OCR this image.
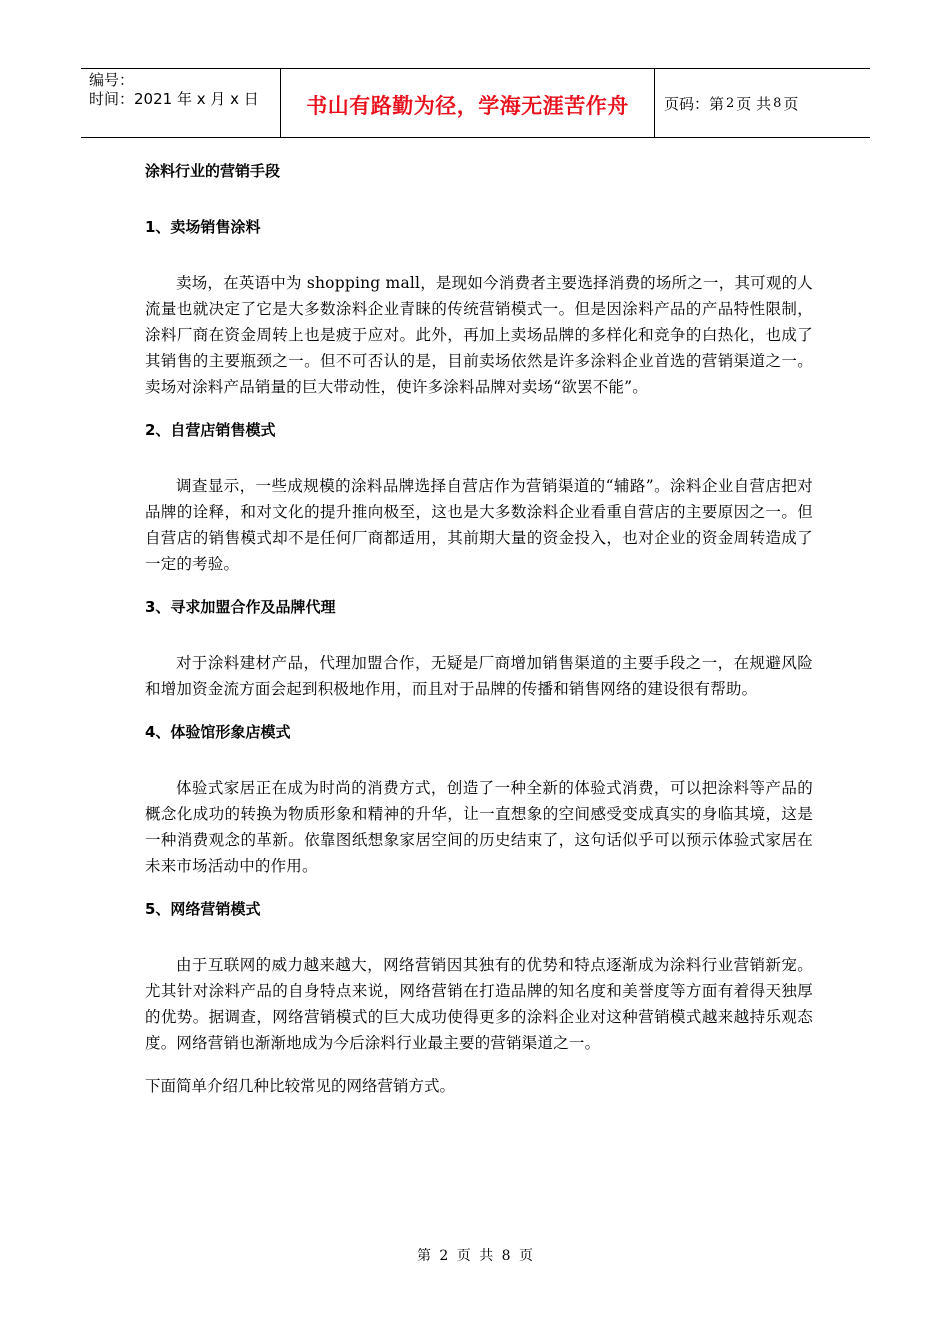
编号：
时间：2021 年 x 月 x 日	书山有路勤为径，学海无涯苦作舟 页码：第 2 页 共 8 页
涂料行业的营销手段
1、卖场销售涂料

卖场，在英语中为 shopping mall，是现如今消费者主要选择消费的场所之一，其可观的人流量也就决定了它是大多数涂料企业青睐的传统营销模式一。但是因涂料产品的产品特性限制，涂料厂商在资金周转上也是疲于应对。此外，再加上卖场品牌的多样化和竞争的白热化，也成了其销售的主要瓶颈之一。但不可否认的是，目前卖场依然是许多涂料企业首选的营销渠道之一。卖场对涂料产品销量的巨大带动性，使许多涂料品牌对卖场“欲罢不能”。

2、自营店销售模式

调查显示，一些成规模的涂料品牌选择自营店作为营销渠道的“辅路”。涂料企业自营店把对品牌的诠释，和对文化的提升推向极至，这也是大多数涂料企业看重自营店的主要原因之一。但自营店的销售模式却不是任何厂商都适用，其前期大量的资金投入，也对企业的资金周转造成了一定的考验。

3、寻求加盟合作及品牌代理

对于涂料建材产品，代理加盟合作，无疑是厂商增加销售渠道的主要手段之一，在规避风险和增加资金流方面会起到积极地作用，而且对于品牌的传播和销售网络的建设很有帮助。

4、体验馆形象店模式

体验式家居正在成为时尚的消费方式，创造了一种全新的体验式消费，可以把涂料等产品的概念化成功的转换为物质形象和精神的升华，让一直想象的空间感受变成真实的身临其境，这是一种消费观念的革新。依靠图纸想象家居空间的历史结束了，这句话似乎可以预示体验式家居在未来市场活动中的作用。

5、网络营销模式

由于互联网的威力越来越大，网络营销因其独有的优势和特点逐渐成为涂料行业营销新宠。尤其针对涂料产品的自身特点来说，网络营销在打造品牌的知名度和美誉度等方面有着得天独厚的优势。据调查，网络营销模式的巨大成功使得更多的涂料企业对这种营销模式越来越持乐观态度。网络营销也渐渐地成为今后涂料行业最主要的营销渠道之一。

下面简单介绍几种比较常见的网络营销方式。

第 2 页 共 8 页
